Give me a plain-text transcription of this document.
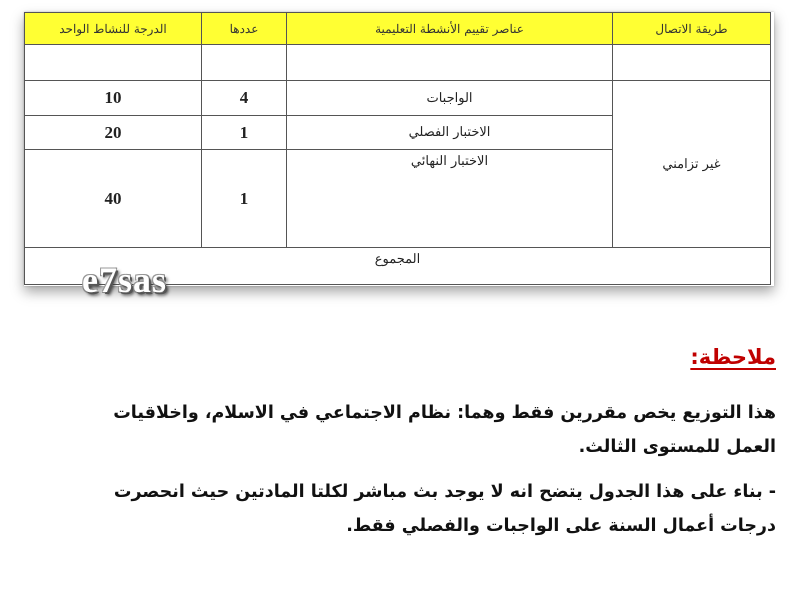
الدرجة للنشاط الواحد	عددها	عناصر تقييم الأنشطة التعليمية	طريقة الاتصال

10	4	الواجبات	غير تزامني
20	1	الاختبار الفصلي	
40	1	الاختبار النهائي	
المجموع			
e7sas
ملاحظة:
هذا التوزيع يخص مقررين فقط وهما: نظام الاجتماعي في الاسلام، واخلاقيات العمل للمستوى الثالث.
- بناء على هذا الجدول يتضح انه لا يوجد بث مباشر لكلتا المادتين حيث انحصرت درجات أعمال السنة على الواجبات والفصلي فقط.
